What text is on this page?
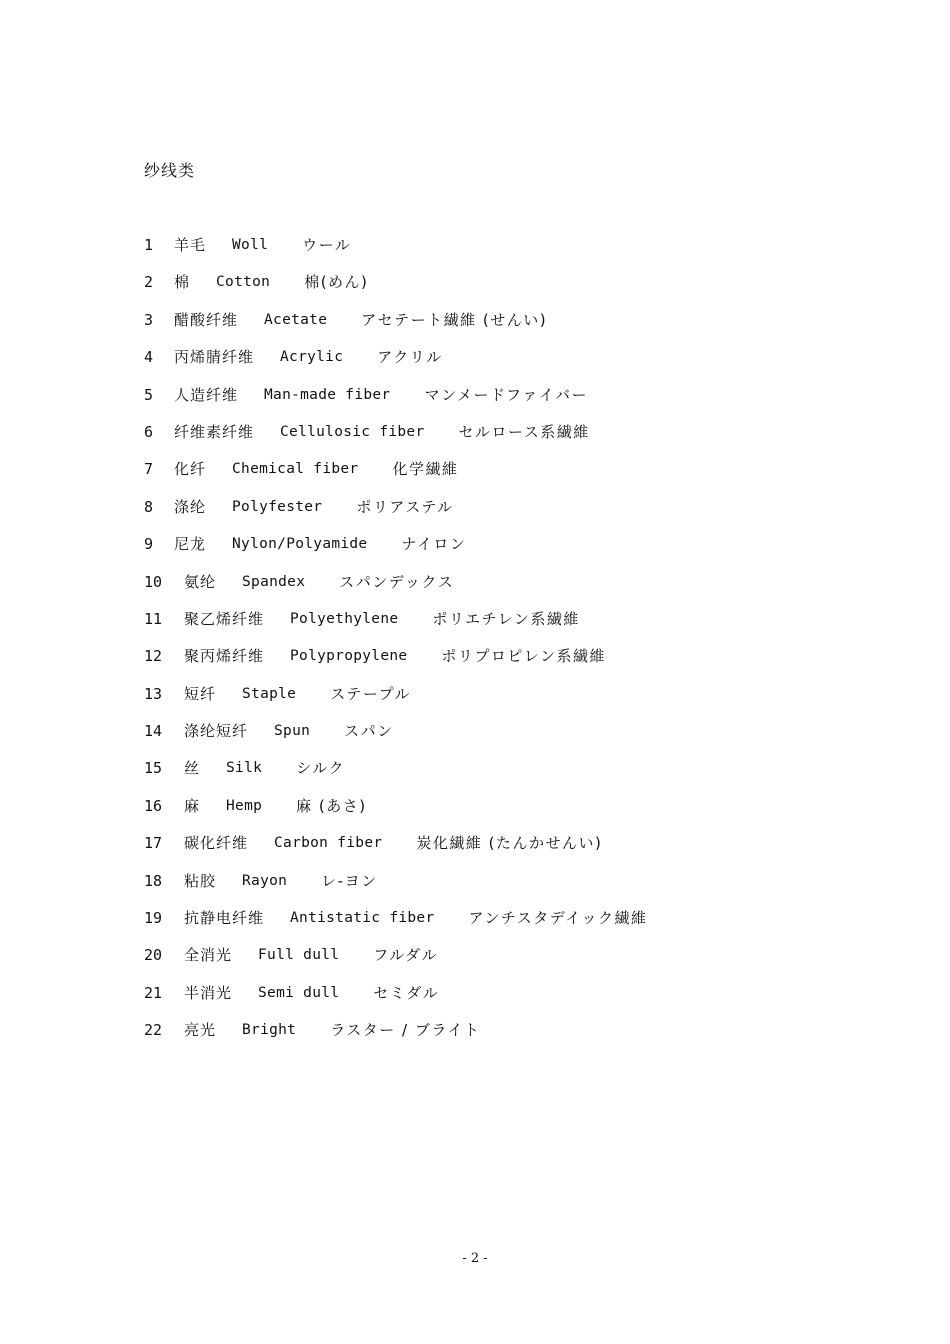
纱线类
1 羊毛 Woll ウール
2 棉 Cotton 棉(めん)
3 醋酸纤维 Acetate アセテート繊維 (せんい)
4 丙烯腈纤维 Acrylic アクリル
5 人造纤维 Man-made fiber マンメードファイバー
6 纤维素纤维 Cellulosic fiber セルロース系繊維
7 化纤 Chemical fiber 化学繊維
8 涤纶 Polyfester ポリアステル
9 尼龙 Nylon/Polyamide ナイロン
10 氨纶 Spandex スパンデックス
11 聚乙烯纤维 Polyethylene ポリエチレン系繊維
12 聚丙烯纤维 Polypropylene ポリプロピレン系繊維
13 短纤 Staple ステープル
14 涤纶短纤 Spun スパン
15 丝 Silk シルク
16 麻 Hemp 麻 (あさ)
17 碳化纤维 Carbon fiber 炭化繊維 (たんかせんい)
18 粘胶 Rayon レ-ヨン
19 抗静电纤维 Antistatic fiber アンチスタデイック繊維
20 全消光 Full dull フルダル
21 半消光 Semi dull セミダル
22 亮光 Bright ラスター / ブライト
- 2 -
